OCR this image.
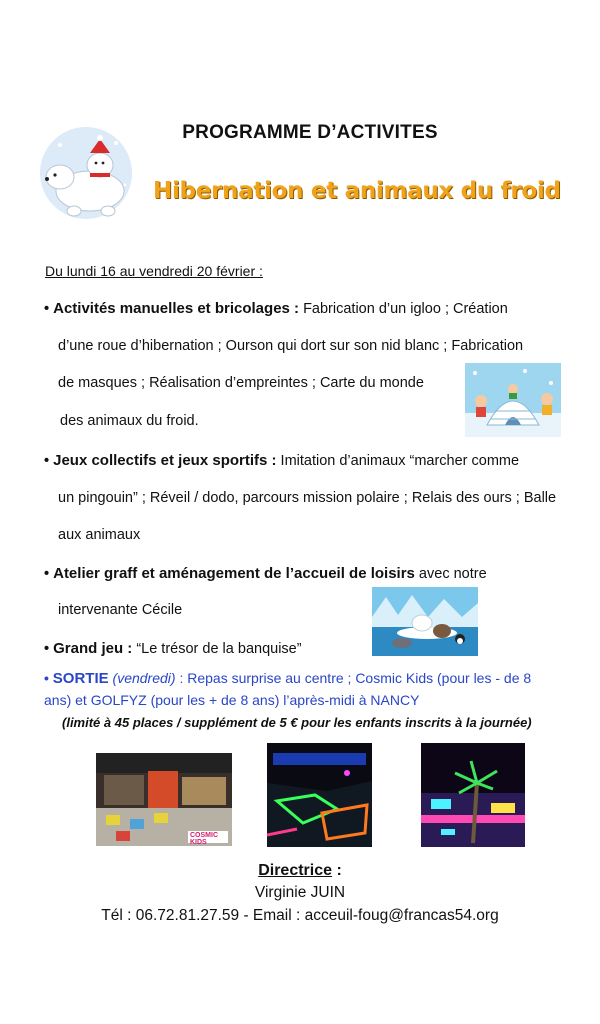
PROGRAMME D’ACTIVITES
Hibernation et animaux du froid
Du lundi 16 au vendredi 20 février :
• Activités manuelles et bricolages : Fabrication d’un igloo ; Création
d’une roue d’hibernation ; Ourson qui dort sur son nid blanc ; Fabrication
de masques ; Réalisation d’empreintes ; Carte du monde
des animaux du froid.
• Jeux collectifs et jeux sportifs : Imitation d’animaux “marcher comme
un pingouin” ; Réveil / dodo, parcours mission polaire ; Relais des ours ; Balle
aux animaux
• Atelier graff et aménagement de l’accueil de loisirs avec notre
intervenante Cécile
• Grand jeu : “Le trésor de la banquise”
• SORTIE (vendredi) : Repas surprise au centre ; Cosmic Kids (pour les - de 8
ans) et GOLFYZ (pour les + de 8 ans) l’après-midi à NANCY
(limité à 45 places / supplément de 5 € pour les enfants inscrits à la journée)
COSMIC KIDS
Directrice :
Virginie JUIN
Tél : 06.72.81.27.59 - Email : acceuil-foug@francas54.org
